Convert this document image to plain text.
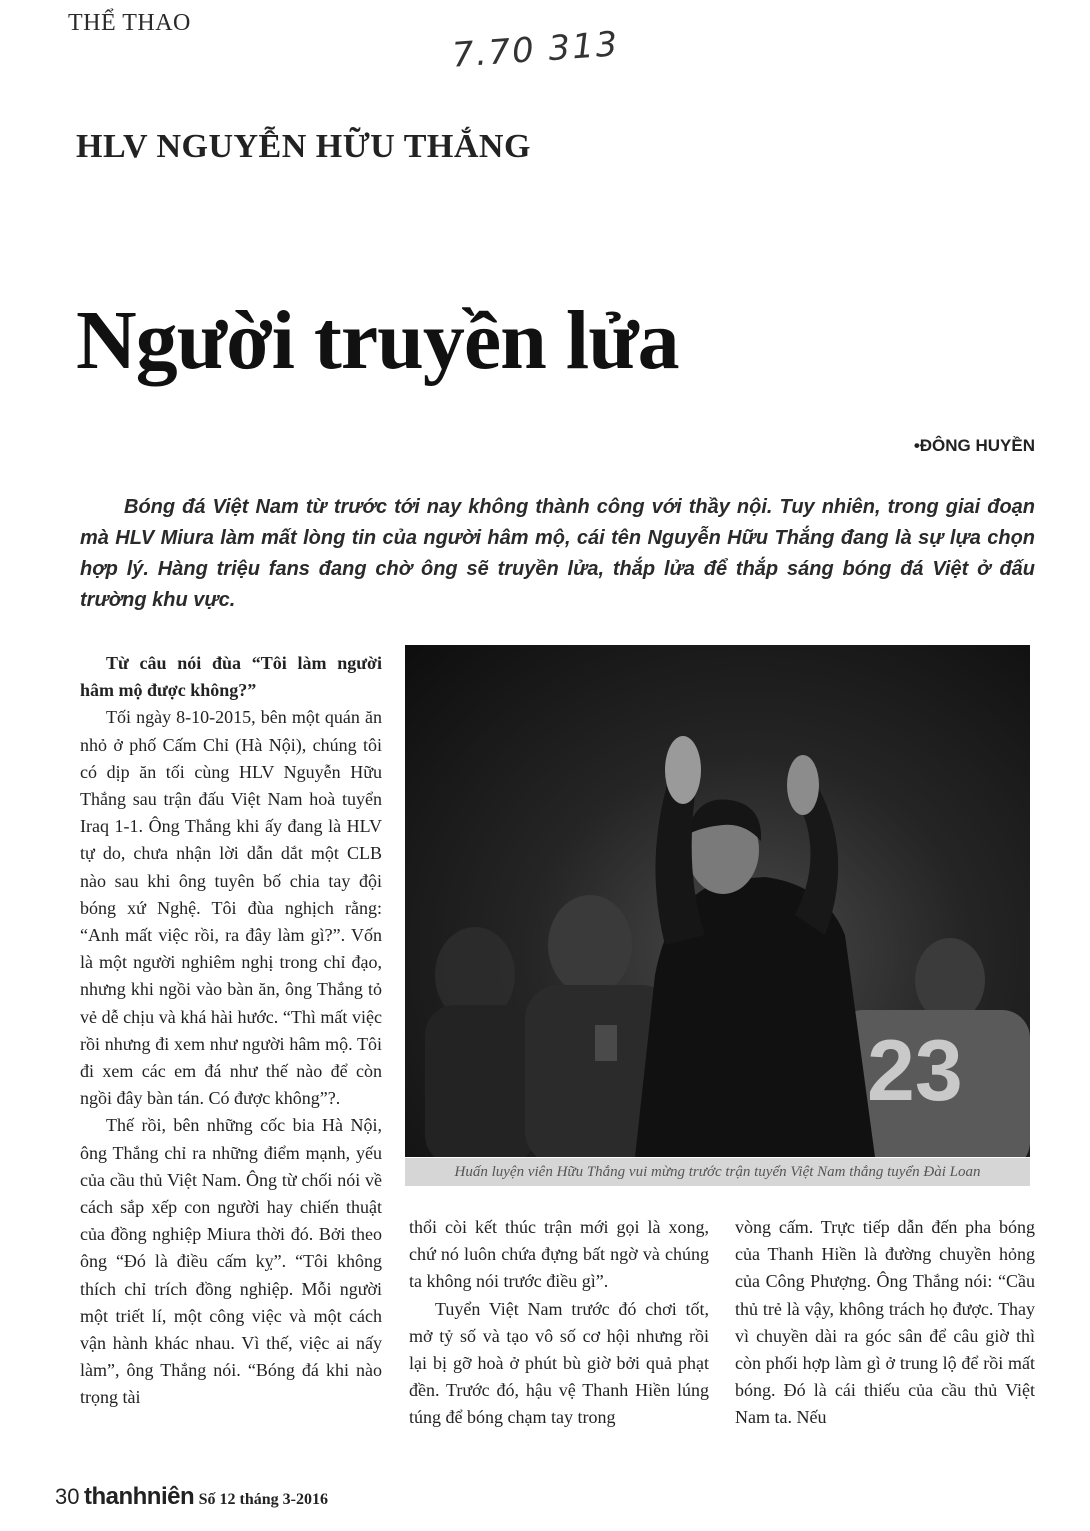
THỂ THAO
7.70 313
HLV NGUYỄN HỮU THẮNG
Người truyền lửa
•ĐÔNG HUYỀN

Bóng đá Việt Nam từ trước tới nay không thành công với thầy nội. Tuy nhiên, trong giai đoạn mà HLV Miura làm mất lòng tin của người hâm mộ, cái tên Nguyễn Hữu Thắng đang là sự lựa chọn hợp lý. Hàng triệu fans đang chờ ông sẽ truyền lửa, thắp lửa để thắp sáng bóng đá Việt ở đấu trường khu vực.

Từ câu nói đùa “Tôi làm người hâm mộ được không?”

Tối ngày 8-10-2015, bên một quán ăn nhỏ ở phố Cấm Chỉ (Hà Nội), chúng tôi có dịp ăn tối cùng HLV Nguyễn Hữu Thắng sau trận đấu Việt Nam hoà tuyển Iraq 1-1. Ông Thắng khi ấy đang là HLV tự do, chưa nhận lời dẫn dắt một CLB nào sau khi ông tuyên bố chia tay đội bóng xứ Nghệ. Tôi đùa nghịch rằng: “Anh mất việc rồi, ra đây làm gì?”. Vốn là một người nghiêm nghị trong chỉ đạo, nhưng khi ngồi vào bàn ăn, ông Thắng tỏ vẻ dễ chịu và khá hài hước. “Thì mất việc rồi nhưng đi xem như người hâm mộ. Tôi đi xem các em đá như thế nào để còn ngồi đây bàn tán. Có được không”?.

Thế rồi, bên những cốc bia Hà Nội, ông Thắng chỉ ra những điểm mạnh, yếu của cầu thủ Việt Nam. Ông từ chối nói về cách sắp xếp con người hay chiến thuật của đồng nghiệp Miura thời đó. Bởi theo ông “Đó là điều cấm kỵ”. “Tôi không thích chỉ trích đồng nghiệp. Mỗi người một triết lí, một công việc và một cách vận hành khác nhau. Vì thế, việc ai nấy làm”, ông Thắng nói. “Bóng đá khi nào trọng tài

23
Huấn luyện viên Hữu Thắng vui mừng trước trận tuyển Việt Nam thắng tuyển Đài Loan

thổi còi kết thúc trận mới gọi là xong, chứ nó luôn chứa đựng bất ngờ và chúng ta không nói trước điều gì”.

Tuyển Việt Nam trước đó chơi tốt, mở tỷ số và tạo vô số cơ hội nhưng rồi lại bị gỡ hoà ở phút bù giờ bởi quả phạt đền. Trước đó, hậu vệ Thanh Hiền lúng túng để bóng chạm tay trong

vòng cấm. Trực tiếp dẫn đến pha bóng của Thanh Hiền là đường chuyền hỏng của Công Phượng. Ông Thắng nói: “Cầu thủ trẻ là vậy, không trách họ được. Thay vì chuyền dài ra góc sân để câu giờ thì còn phối hợp làm gì ở trung lộ để rồi mất bóng. Đó là cái thiếu của cầu thủ Việt Nam ta. Nếu

30 thanhniên Số 12 tháng 3-2016
